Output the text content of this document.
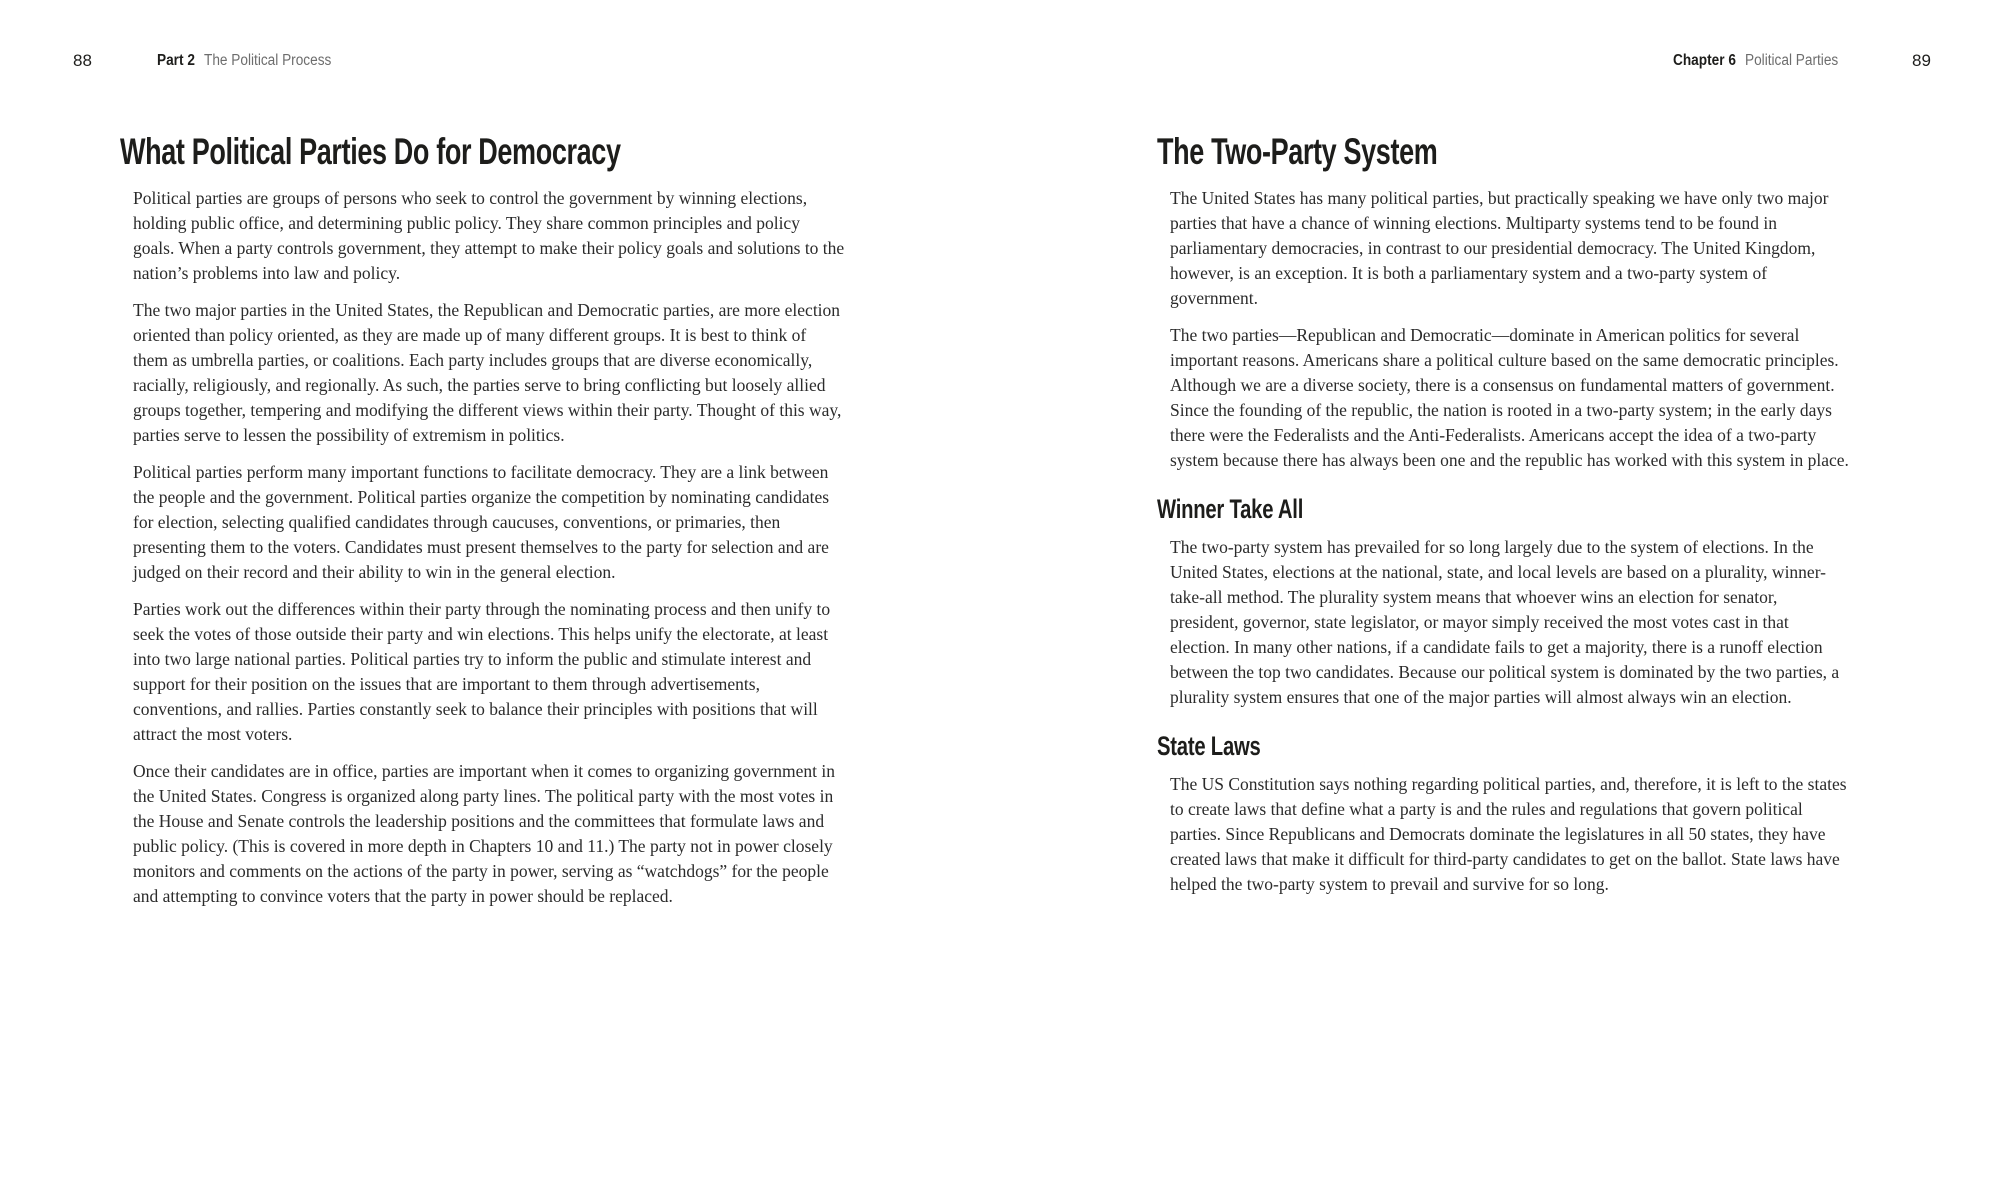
88	Part 2 The Political Process
What Political Parties Do for Democracy

Political parties are groups of persons who seek to control the government by winning elections, holding public office, and determining public policy. They share common principles and policy goals. When a party controls government, they attempt to make their policy goals and solutions to the nation’s problems into law and policy.

The two major parties in the United States, the Republican and Democratic parties, are more election oriented than policy oriented, as they are made up of many different groups. It is best to think of them as umbrella parties, or coalitions. Each party includes groups that are diverse economically, racially, religiously, and regionally. As such, the parties serve to bring conflicting but loosely allied groups together, tempering and modifying the different views within their party. Thought of this way, parties serve to lessen the possibility of extremism in politics.

Political parties perform many important functions to facilitate democracy. They are a link between the people and the government. Political parties organize the competition by nominating candidates for election, selecting qualified candidates through caucuses, conventions, or primaries, then presenting them to the voters. Candidates must present themselves to the party for selection and are judged on their record and their ability to win in the general election.

Parties work out the differences within their party through the nominating process and then unify to seek the votes of those outside their party and win elections. This helps unify the electorate, at least into two large national parties. Political parties try to inform the public and stimulate interest and support for their position on the issues that are important to them through advertisements, conventions, and rallies. Parties constantly seek to balance their principles with positions that will attract the most voters.

Once their candidates are in office, parties are important when it comes to organizing government in the United States. Congress is organized along party lines. The political party with the most votes in the House and Senate controls the leadership positions and the committees that formulate laws and public policy. (This is covered in more depth in Chapters 10 and 11.) The party not in power closely monitors and comments on the actions of the party in power, serving as “watchdogs” for the people and attempting to convince voters that the party in power should be replaced.

Chapter 6 Political Parties	89
The Two-Party System

The United States has many political parties, but practically speaking we have only two major parties that have a chance of winning elections. Multiparty systems tend to be found in parliamentary democracies, in contrast to our presidential democracy. The United Kingdom, however, is an exception. It is both a parliamentary system and a two-party system of government.

The two parties—Republican and Democratic—dominate in American politics for several important reasons. Americans share a political culture based on the same democratic principles. Although we are a diverse society, there is a consensus on fundamental matters of government. Since the founding of the republic, the nation is rooted in a two-party system; in the early days there were the Federalists and the Anti-Federalists. Americans accept the idea of a two-party system because there has always been one and the republic has worked with this system in place.

Winner Take All

The two-party system has prevailed for so long largely due to the system of elections. In the United States, elections at the national, state, and local levels are based on a plurality, winner-take-all method. The plurality system means that whoever wins an election for senator, president, governor, state legislator, or mayor simply received the most votes cast in that election. In many other nations, if a candidate fails to get a majority, there is a runoff election between the top two candidates. Because our political system is dominated by the two parties, a plurality system ensures that one of the major parties will almost always win an election.

State Laws

The US Constitution says nothing regarding political parties, and, therefore, it is left to the states to create laws that define what a party is and the rules and regulations that govern political parties. Since Republicans and Democrats dominate the legislatures in all 50 states, they have created laws that make it difficult for third-party candidates to get on the ballot. State laws have helped the two-party system to prevail and survive for so long.
